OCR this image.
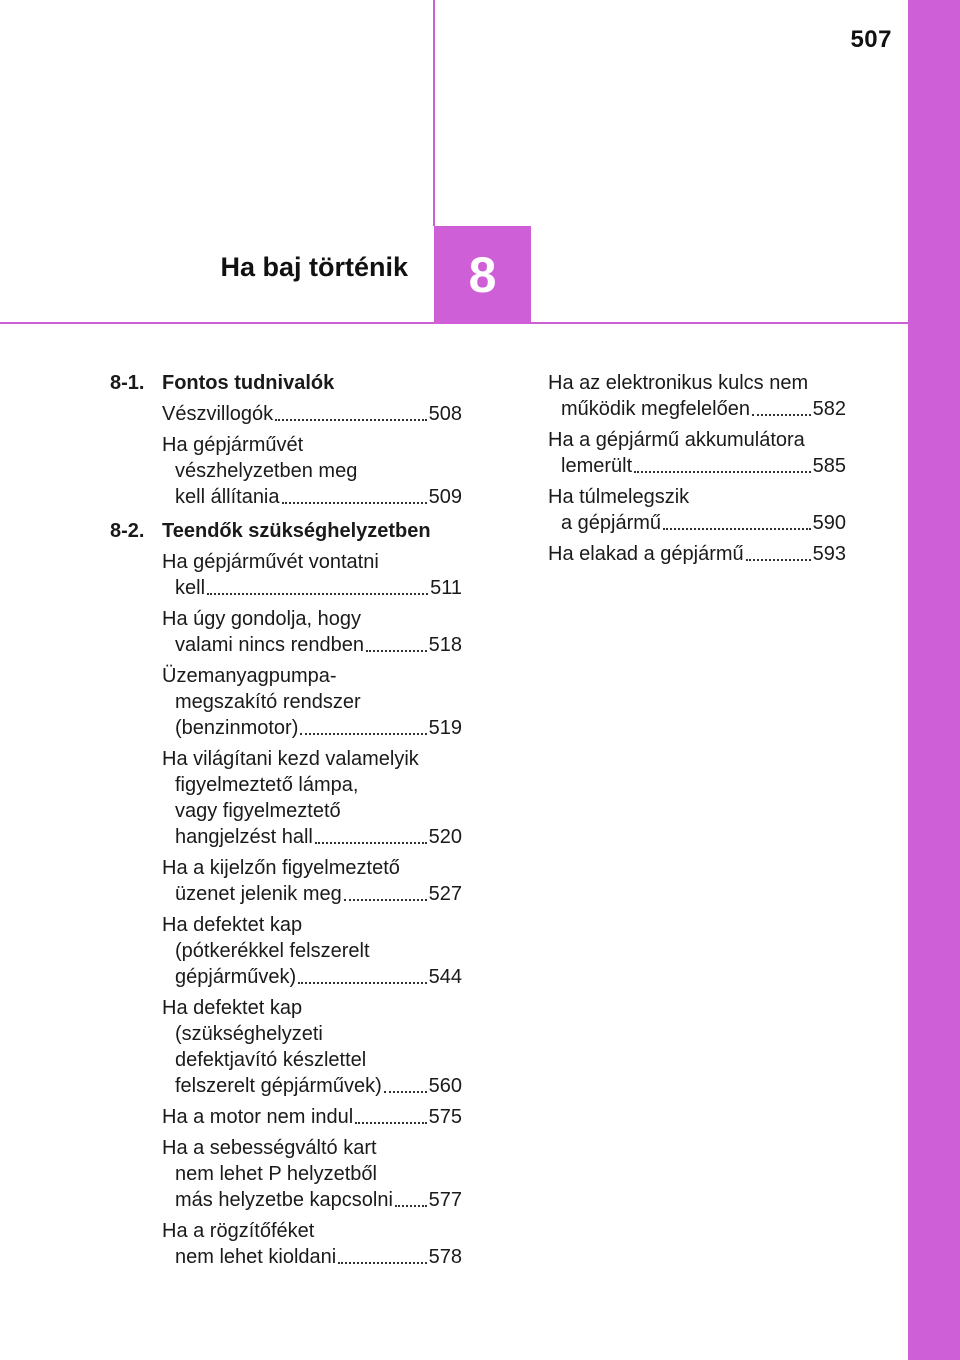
507
Ha baj történik	8
8-1. Fontos tudnivalók
Vészvillogók	508
Ha gépjárművét
vészhelyzetben meg
kell állítania	509
8-2. Teendők szükséghelyzetben
Ha gépjárművét vontatni
kell	511
Ha úgy gondolja, hogy
valami nincs rendben	518
Üzemanyagpumpa-
megszakító rendszer
(benzinmotor)	519
Ha világítani kezd valamelyik
figyelmeztető lámpa,
vagy figyelmeztető
hangjelzést hall	520
Ha a kijelzőn figyelmeztető
üzenet jelenik meg	527
Ha defektet kap
(pótkerékkel felszerelt
gépjárművek)	544
Ha defektet kap
(szükséghelyzeti
defektjavító készlettel
felszerelt gépjárművek) 560
Ha a motor nem indul	575
Ha a sebességváltó kart
nem lehet P helyzetből
más helyzetbe kapcsolni 577
Ha a rögzítőféket
nem lehet kioldani	578
Ha az elektronikus kulcs nem
működik megfelelően	582
Ha a gépjármű akkumulátora
lemerült	585
Ha túlmelegszik
a gépjármű	590
Ha elakad a gépjármű	593
